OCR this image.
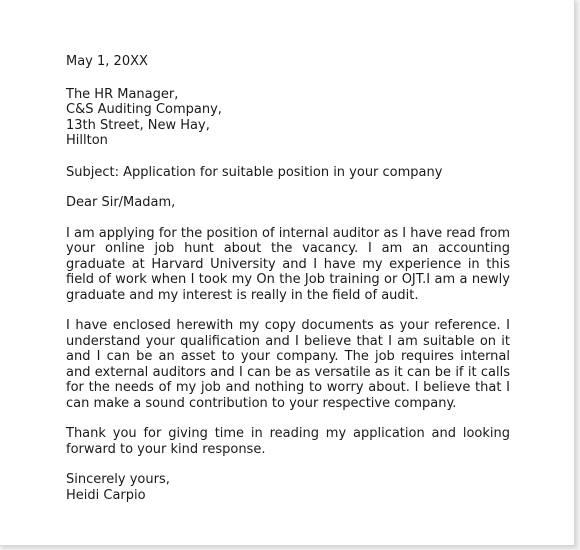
May 1, 20XX
The HR Manager,
C&S Auditing Company,
13th Street, New Hay,
Hillton
Subject: Application for suitable position in your company
Dear Sir/Madam,

I am applying for the position of internal auditor as I have read from your online job hunt about the vacancy. I am an accounting graduate at Harvard University and I have my experience in this field of work when I took my On the Job training or OJT.I am a newly graduate and my interest is really in the field of audit.

I have enclosed herewith my copy documents as your reference. I understand your qualification and I believe that I am suitable on it and I can be an asset to your company. The job requires internal and external auditors and I can be as versatile as it can be if it calls for the needs of my job and nothing to worry about. I believe that I can make a sound contribution to your respective company.

Thank you for giving time in reading my application and looking forward to your kind response.

Sincerely yours,
Heidi Carpio
